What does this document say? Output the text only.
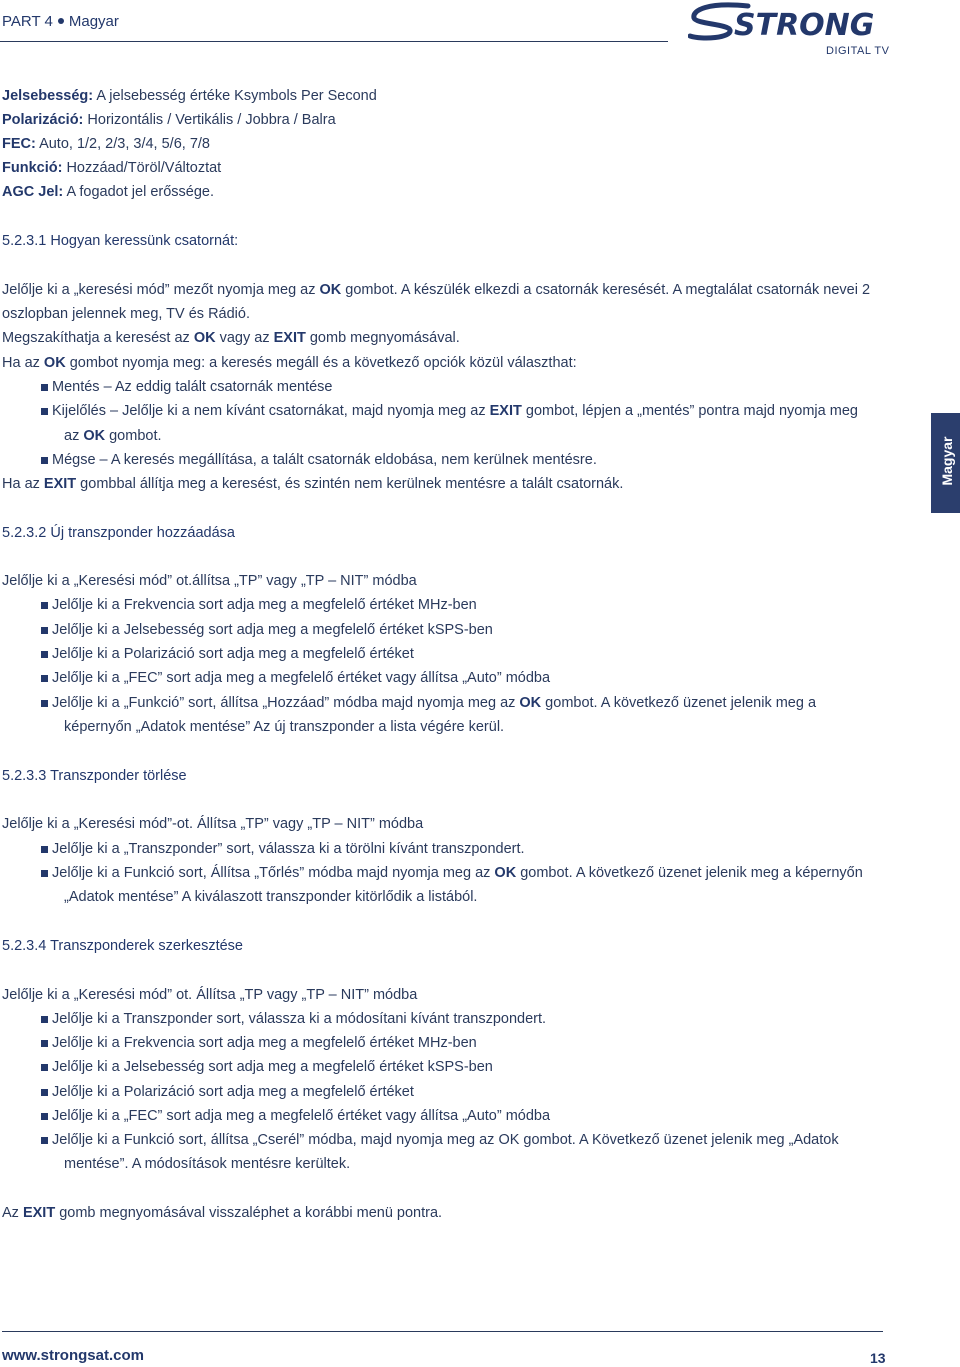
PART 4 Magyar	STRONG
DIGITAL TV
Jelsebesség: A jelsebesség értéke Ksymbols Per Second
Polarizáció: Horizontális / Vertikális / Jobbra / Balra
FEC: Auto, 1/2, 2/3, 3/4, 5/6, 7/8
Funkció: Hozzáad/Töröl/Változtat
AGC Jel: A fogadot jel erőssége.
5.2.3.1 Hogyan keressünk csatornát:
Jelőlje ki a „keresési mód” mezőt nyomja meg az OK gombot. A készülék elkezdi a csatornák keresését. A megtalálat csatornák nevei 2
oszlopban jelennek meg, TV és Rádió.
Megszakíthatja a keresést az OK vagy az EXIT gomb megnyomásával.
Ha az OK gombot nyomja meg: a keresés megáll és a következő opciók közül választhat:
Mentés – Az eddig talált csatornák mentése
Kijelőlés – Jelőlje ki a nem kívánt csatornákat, majd nyomja meg az EXIT gombot, lépjen a „mentés” pontra majd nyomja meg
az OK gombot.
Mégse – A keresés megállítása, a talált csatornák eldobása, nem kerülnek mentésre.
Ha az EXIT gombbal állítja meg a keresést, és szintén nem kerülnek mentésre a talált csatornák.
5.2.3.2 Új transzponder hozzáadása
Jelőlje ki a „Keresési mód” ot.állítsa „TP” vagy „TP – NIT” módba
Jelőlje ki a Frekvencia sort adja meg a megfelelő értéket MHz-ben
Jelőlje ki a Jelsebesség sort adja meg a megfelelő értéket kSPS-ben
Jelőlje ki a Polarizáció sort adja meg a megfelelő értéket
Jelőlje ki a „FEC” sort adja meg a megfelelő értéket vagy állítsa „Auto” módba
Jelőlje ki a „Funkció” sort, állítsa „Hozzáad” módba majd nyomja meg az OK gombot. A következő üzenet jelenik meg a
képernyőn „Adatok mentése” Az új transzponder a lista végére kerül.
5.2.3.3 Transzponder törlése
Jelőlje ki a „Keresési mód”-ot. Állítsa „TP” vagy „TP – NIT” módba
Jelőlje ki a „Transzponder” sort, válassza ki a törölni kívánt transzpondert.
Jelőlje ki a Funkció sort, Állítsa „Tőrlés” módba majd nyomja meg az OK gombot. A következő üzenet jelenik meg a képernyőn
„Adatok mentése” A kiválaszott transzponder kitörlődik a listából.
5.2.3.4 Transzponderek szerkesztése
Jelőlje ki a „Keresési mód” ot. Állítsa „TP vagy „TP – NIT” módba
Jelőlje ki a Transzponder sort, válassza ki a módosítani kívánt transzpondert.
Jelőlje ki a Frekvencia sort adja meg a megfelelő értéket MHz-ben
Jelőlje ki a Jelsebesség sort adja meg a megfelelő értéket kSPS-ben
Jelőlje ki a Polarizáció sort adja meg a megfelelő értéket
Jelőlje ki a „FEC” sort adja meg a megfelelő értéket vagy állítsa „Auto” módba
Jelőlje ki a Funkció sort, állítsa „Cserél” módba, majd nyomja meg az OK gombot. A Következő üzenet jelenik meg „Adatok
mentése”. A módosítások mentésre kerültek.
Az EXIT gomb megnyomásával visszaléphet a korábbi menü pontra.
Magyar
www.strongsat.com	13
